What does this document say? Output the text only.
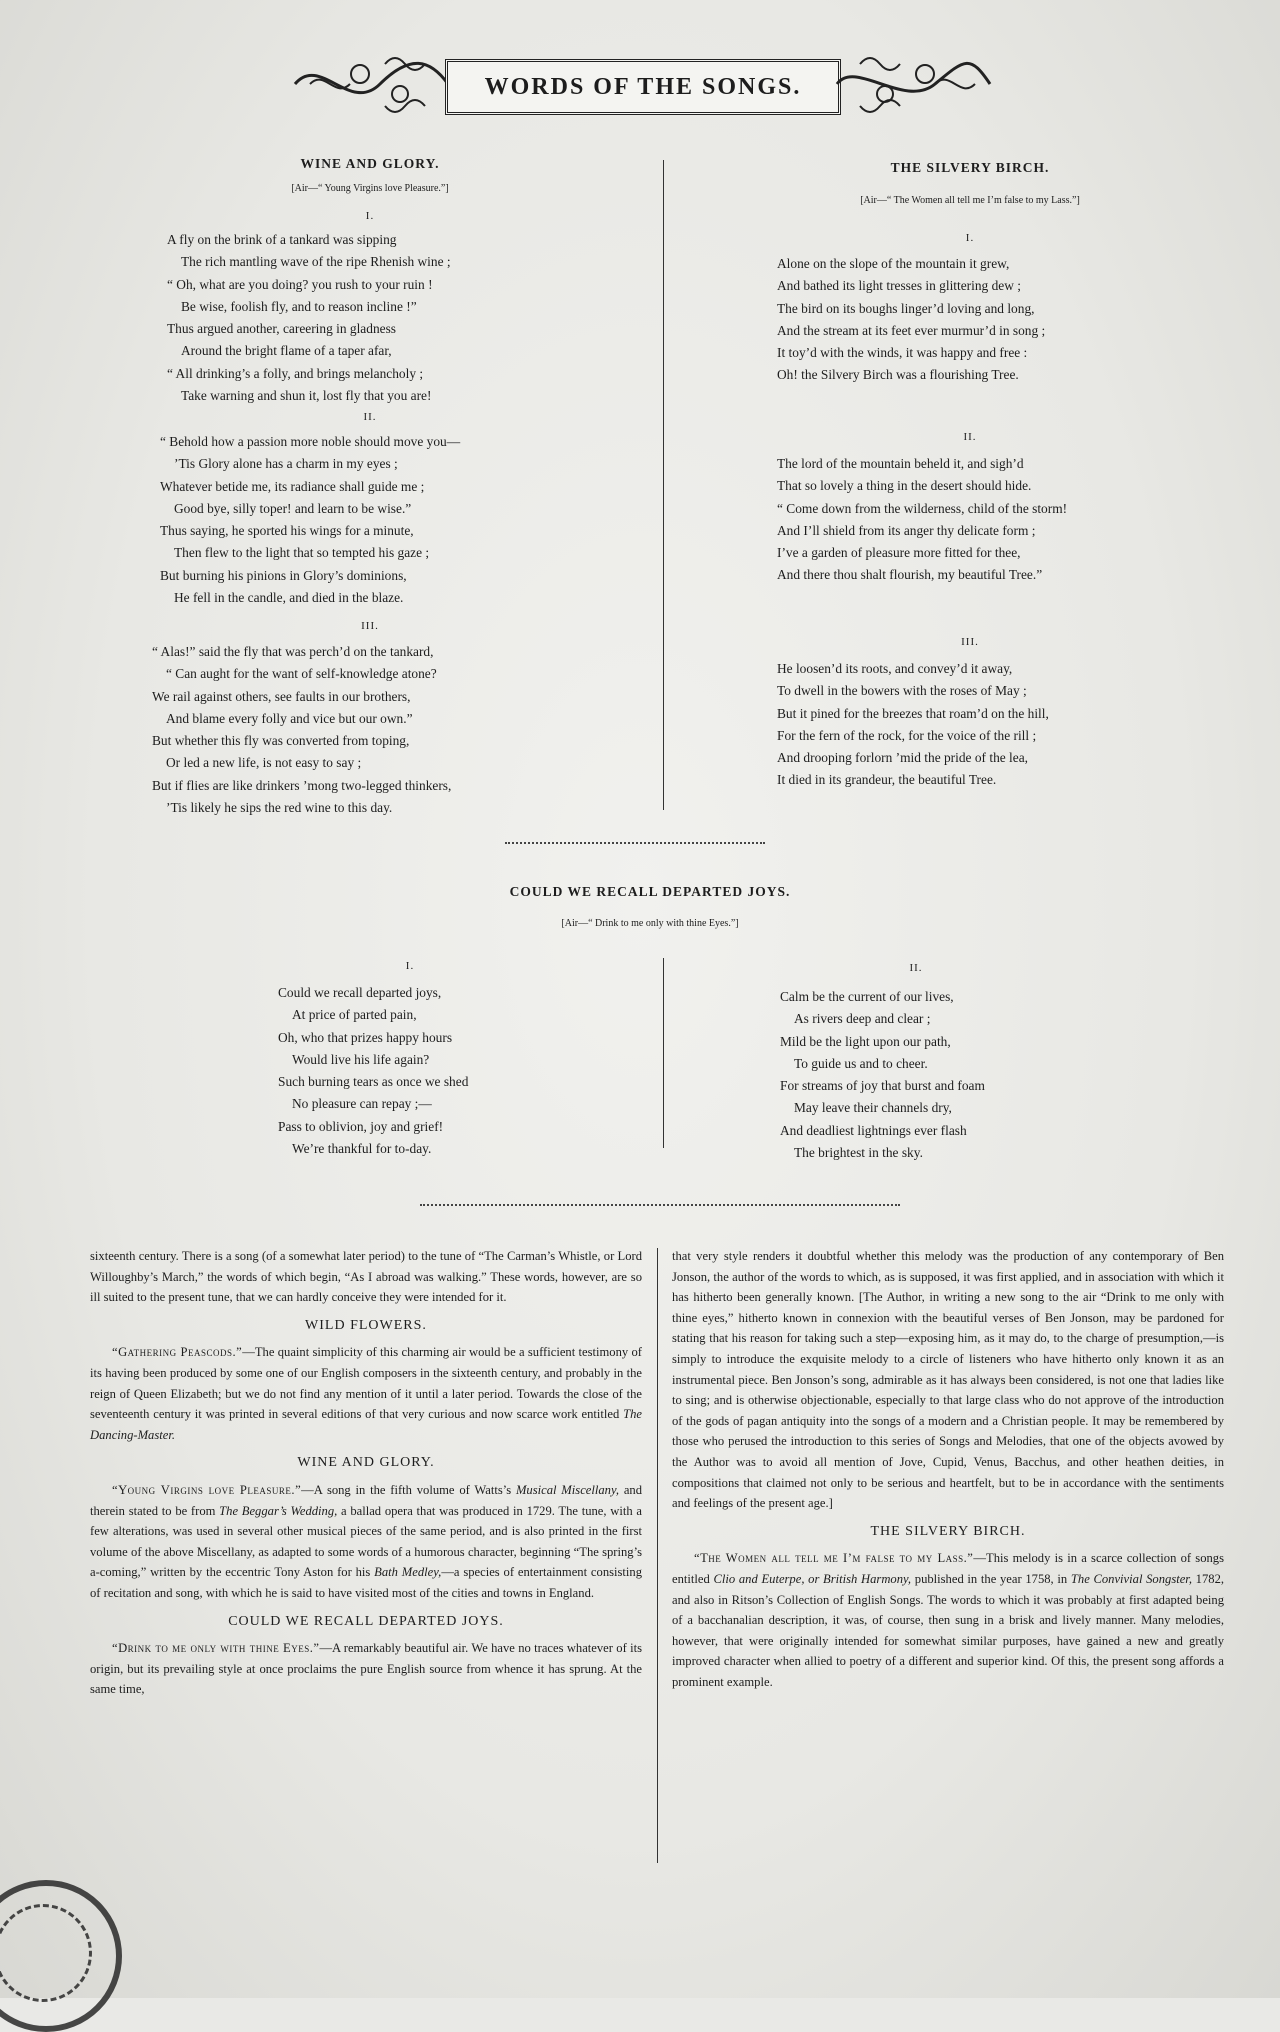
WORDS OF THE SONGS.
WINE AND GLORY.
[Air—“ Young Virgins love Pleasure.”]
I.
A fly on the brink of a tankard was sipping
The rich mantling wave of the ripe Rhenish wine ;
“ Oh, what are you doing? you rush to your ruin !
Be wise, foolish fly, and to reason incline !”
Thus argued another, careering in gladness
Around the bright flame of a taper afar,
“ All drinking’s a folly, and brings melancholy ;
Take warning and shun it, lost fly that you are!
II.
“ Behold how a passion more noble should move you—
’Tis Glory alone has a charm in my eyes ;
Whatever betide me, its radiance shall guide me ;
Good bye, silly toper! and learn to be wise.”
Thus saying, he sported his wings for a minute,
Then flew to the light that so tempted his gaze ;
But burning his pinions in Glory’s dominions,
He fell in the candle, and died in the blaze.
III.
“ Alas!” said the fly that was perch’d on the tankard,
“ Can aught for the want of self-knowledge atone?
We rail against others, see faults in our brothers,
And blame every folly and vice but our own.”
But whether this fly was converted from toping,
Or led a new life, is not easy to say ;
But if flies are like drinkers ’mong two-legged thinkers,
’Tis likely he sips the red wine to this day.
THE SILVERY BIRCH.
[Air—“ The Women all tell me I’m false to my Lass.”]
I.
Alone on the slope of the mountain it grew,
And bathed its light tresses in glittering dew ;
The bird on its boughs linger’d loving and long,
And the stream at its feet ever murmur’d in song ;
It toy’d with the winds, it was happy and free :
Oh! the Silvery Birch was a flourishing Tree.
II.
The lord of the mountain beheld it, and sigh’d
That so lovely a thing in the desert should hide.
“ Come down from the wilderness, child of the storm!
And I’ll shield from its anger thy delicate form ;
I’ve a garden of pleasure more fitted for thee,
And there thou shalt flourish, my beautiful Tree.”
III.
He loosen’d its roots, and convey’d it away,
To dwell in the bowers with the roses of May ;
But it pined for the breezes that roam’d on the hill,
For the fern of the rock, for the voice of the rill ;
And drooping forlorn ’mid the pride of the lea,
It died in its grandeur, the beautiful Tree.
COULD WE RECALL DEPARTED JOYS.
[Air—“ Drink to me only with thine Eyes.”]
I.
Could we recall departed joys,
At price of parted pain,
Oh, who that prizes happy hours
Would live his life again?
Such burning tears as once we shed
No pleasure can repay ;—
Pass to oblivion, joy and grief!
We’re thankful for to-day.
II.
Calm be the current of our lives,
As rivers deep and clear ;
Mild be the light upon our path,
To guide us and to cheer.
For streams of joy that burst and foam
May leave their channels dry,
And deadliest lightnings ever flash
The brightest in the sky.

sixteenth century. There is a song (of a somewhat later period) to the tune of “The Carman’s Whistle, or Lord Willoughby’s March,” the words of which begin, “As I abroad was walking.” These words, however, are so ill suited to the present tune, that we can hardly conceive they were intended for it.

WILD FLOWERS.

“Gathering Peascods.”—The quaint simplicity of this charming air would be a sufficient testimony of its having been produced by some one of our English composers in the sixteenth century, and probably in the reign of Queen Elizabeth; but we do not find any mention of it until a later period. Towards the close of the seventeenth century it was printed in several editions of that very curious and now scarce work entitled The Dancing-Master.

WINE AND GLORY.

“Young Virgins love Pleasure.”—A song in the fifth volume of Watts’s Musical Miscellany, and therein stated to be from The Beggar’s Wedding, a ballad opera that was produced in 1729. The tune, with a few alterations, was used in several other musical pieces of the same period, and is also printed in the first volume of the above Miscellany, as adapted to some words of a humorous character, beginning “The spring’s a-coming,” written by the eccentric Tony Aston for his Bath Medley,—a species of entertainment consisting of recitation and song, with which he is said to have visited most of the cities and towns in England.

COULD WE RECALL DEPARTED JOYS.

“Drink to me only with thine Eyes.”—A remarkably beautiful air. We have no traces whatever of its origin, but its prevailing style at once proclaims the pure English source from whence it has sprung. At the same time,

that very style renders it doubtful whether this melody was the production of any contemporary of Ben Jonson, the author of the words to which, as is supposed, it was first applied, and in association with which it has hitherto been generally known. [The Author, in writing a new song to the air “Drink to me only with thine eyes,” hitherto known in connexion with the beautiful verses of Ben Jonson, may be pardoned for stating that his reason for taking such a step—exposing him, as it may do, to the charge of presumption,—is simply to introduce the exquisite melody to a circle of listeners who have hitherto only known it as an instrumental piece. Ben Jonson’s song, admirable as it has always been considered, is not one that ladies like to sing; and is otherwise objectionable, especially to that large class who do not approve of the introduction of the gods of pagan antiquity into the songs of a modern and a Christian people. It may be remembered by those who perused the introduction to this series of Songs and Melodies, that one of the objects avowed by the Author was to avoid all mention of Jove, Cupid, Venus, Bacchus, and other heathen deities, in compositions that claimed not only to be serious and heartfelt, but to be in accordance with the sentiments and feelings of the present age.]

THE SILVERY BIRCH.

“The Women all tell me I’m false to my Lass.”—This melody is in a scarce collection of songs entitled Clio and Euterpe, or British Harmony, published in the year 1758, in The Convivial Songster, 1782, and also in Ritson’s Collection of English Songs. The words to which it was probably at first adapted being of a bacchanalian description, it was, of course, then sung in a brisk and lively manner. Many melodies, however, that were originally intended for somewhat similar purposes, have gained a new and greatly improved character when allied to poetry of a different and superior kind. Of this, the present song affords a prominent example.
